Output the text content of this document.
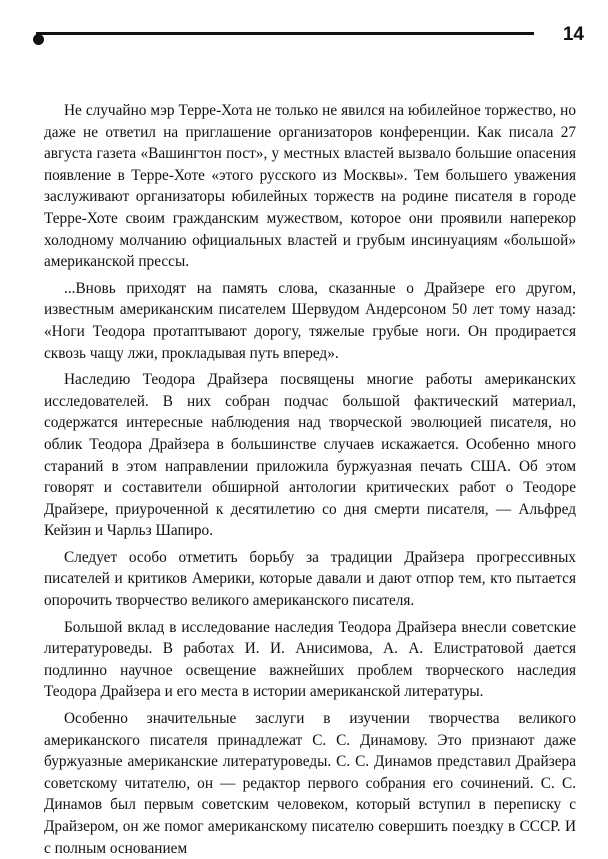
14

Не случайно мэр Терре-Хота не только не явился на юбилейное торжество, но даже не ответил на приглашение организаторов конференции. Как писала 27 августа газета «Вашингтон пост», у местных властей вызвало большие опасения появление в Терре-Хоте «этого русского из Москвы». Тем большего уважения заслуживают организаторы юбилейных торжеств на родине писателя в городе Терре-Хоте своим гражданским мужеством, которое они проявили наперекор холодному молчанию официальных властей и грубым инсинуациям «большой» американской прессы.

...Вновь приходят на память слова, сказанные о Драйзере его другом, известным американским писателем Шервудом Андерсоном 50 лет тому назад: «Ноги Теодора протаптывают дорогу, тяжелые грубые ноги. Он продирается сквозь чащу лжи, прокладывая путь вперед».

Наследию Теодора Драйзера посвящены многие работы американских исследователей. В них собран подчас большой фактический материал, содержатся интересные наблюдения над творческой эволюцией писателя, но облик Теодора Драйзера в большинстве случаев искажается. Особенно много стараний в этом направлении приложила буржуазная печать США. Об этом говорят и составители обширной антологии критических работ о Теодоре Драйзере, приуроченной к десятилетию со дня смерти писателя, — Альфред Кейзин и Чарльз Шапиро.

Следует особо отметить борьбу за традиции Драйзера прогрессивных писателей и критиков Америки, которые давали и дают отпор тем, кто пытается опорочить творчество великого американского писателя.

Большой вклад в исследование наследия Теодора Драйзера внесли советские литературоведы. В работах И. И. Анисимова, А. А. Елистратовой дается подлинно научное освещение важнейших проблем творческого наследия Теодора Драйзера и его места в истории американской литературы.

Особенно значительные заслуги в изучении творчества великого американского писателя принадлежат С. С. Динамову. Это признают даже буржуазные американские литературоведы. С. С. Динамов представил Драйзера советскому читателю, он — редактор первого собрания его сочинений. С. С. Динамов был первым советским человеком, который вступил в переписку с Драйзером, он же помог американскому писателю совершить поездку в СССР. И с полным основанием
